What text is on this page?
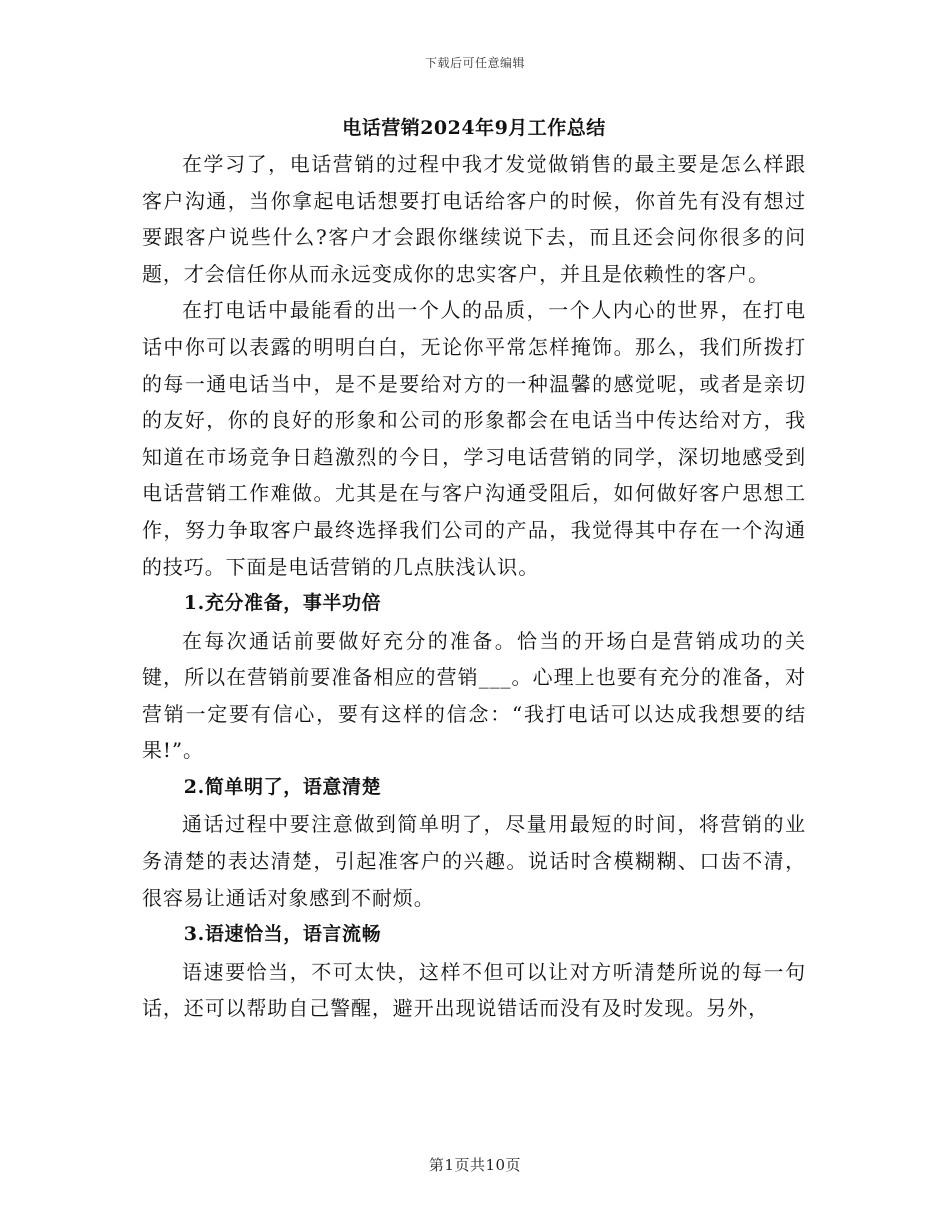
下载后可任意编辑
电话营销2024年9月工作总结

在学习了，电话营销的过程中我才发觉做销售的最主要是怎么样跟客户沟通，当你拿起电话想要打电话给客户的时候，你首先有没有想过要跟客户说些什么?客户才会跟你继续说下去，而且还会问你很多的问题，才会信任你从而永远变成你的忠实客户，并且是依赖性的客户。

在打电话中最能看的出一个人的品质，一个人内心的世界，在打电话中你可以表露的明明白白，无论你平常怎样掩饰。那么，我们所拨打的每一通电话当中，是不是要给对方的一种温馨的感觉呢，或者是亲切的友好，你的良好的形象和公司的形象都会在电话当中传达给对方，我知道在市场竞争日趋激烈的今日，学习电话营销的同学，深切地感受到电话营销工作难做。尤其是在与客户沟通受阻后，如何做好客户思想工作，努力争取客户最终选择我们公司的产品，我觉得其中存在一个沟通的技巧。下面是电话营销的几点肤浅认识。

1.充分准备，事半功倍

在每次通话前要做好充分的准备。恰当的开场白是营销成功的关键，所以在营销前要准备相应的营销___。心理上也要有充分的准备，对营销一定要有信心，要有这样的信念：“我打电话可以达成我想要的结果!”。

2.简单明了，语意清楚

通话过程中要注意做到简单明了，尽量用最短的时间，将营销的业务清楚的表达清楚，引起准客户的兴趣。说话时含模糊糊、口齿不清，很容易让通话对象感到不耐烦。

3.语速恰当，语言流畅

语速要恰当，不可太快，这样不但可以让对方听清楚所说的每一句话，还可以帮助自己警醒，避开出现说错话而没有及时发现。另外，

第1页共10页
